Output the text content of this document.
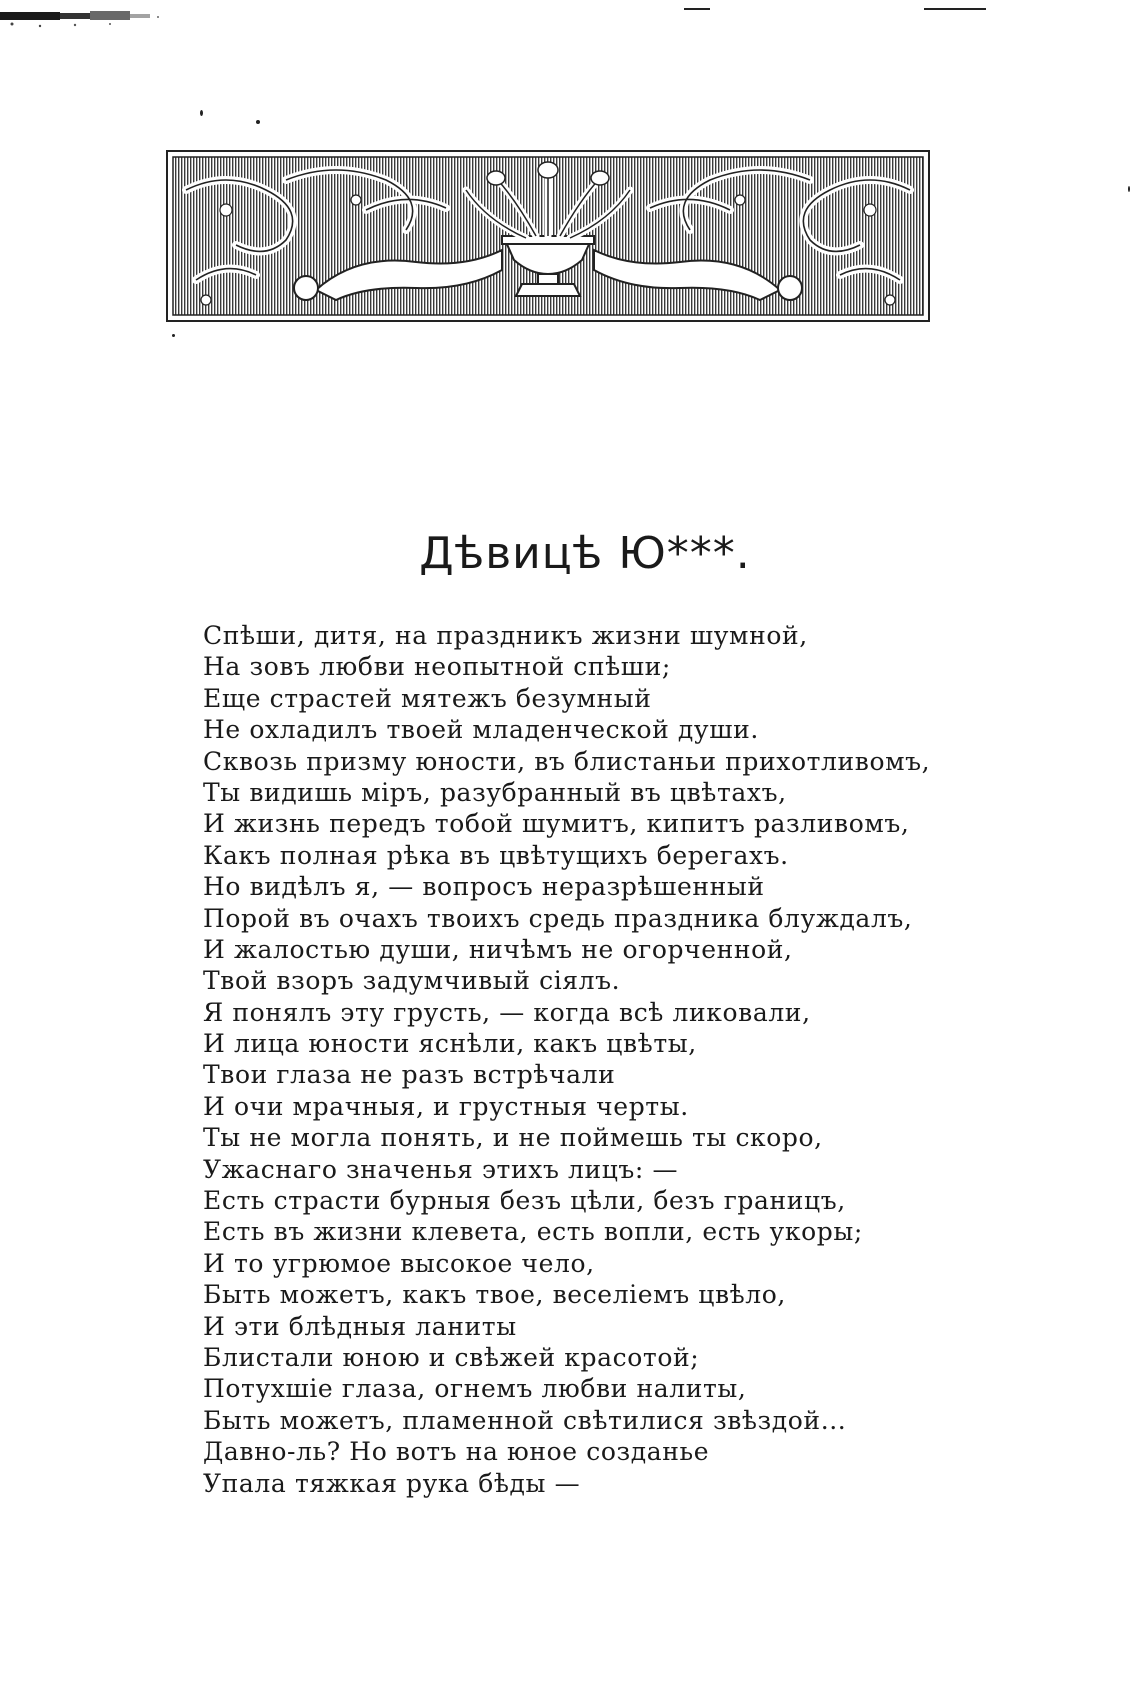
Дѣвицѣ Ю***.
Спѣши, дитя, на праздникъ жизни шумной,
На зовъ любви неопытной спѣши;
Еще страстей мятежъ безумный
Не охладилъ твоей младенческой души.
Сквозь призму юности, въ блистаньи прихотливомъ,
Ты видишь міръ, разубранный въ цвѣтахъ,
И жизнь передъ тобой шумитъ, кипитъ разливомъ,
Какъ полная рѣка въ цвѣтущихъ берегахъ.
Но видѣлъ я, — вопросъ неразрѣшенный
Порой въ очахъ твоихъ средь праздника блуждалъ,
И жалостью души, ничѣмъ не огорченной,
Твой взоръ задумчивый сіялъ.
Я понялъ эту грусть, — когда всѣ ликовали,
И лица юности яснѣли, какъ цвѣты,
Твои глаза не разъ встрѣчали
И очи мрачныя, и грустныя черты.
Ты не могла понять, и не поймешь ты скоро,
Ужаснаго значенья этихъ лицъ: —
Есть страсти бурныя безъ цѣли, безъ границъ,
Есть въ жизни клевета, есть вопли, есть укоры;
И то угрюмое высокое чело,
Быть можетъ, какъ твое, веселіемъ цвѣло,
И эти блѣдныя ланиты
Блистали юною и свѣжей красотой;
Потухшіе глаза, огнемъ любви налиты,
Быть можетъ, пламенной свѣтилися звѣздой...
Давно-ль? Но вотъ на юное созданье
Упала тяжкая рука бѣды —
